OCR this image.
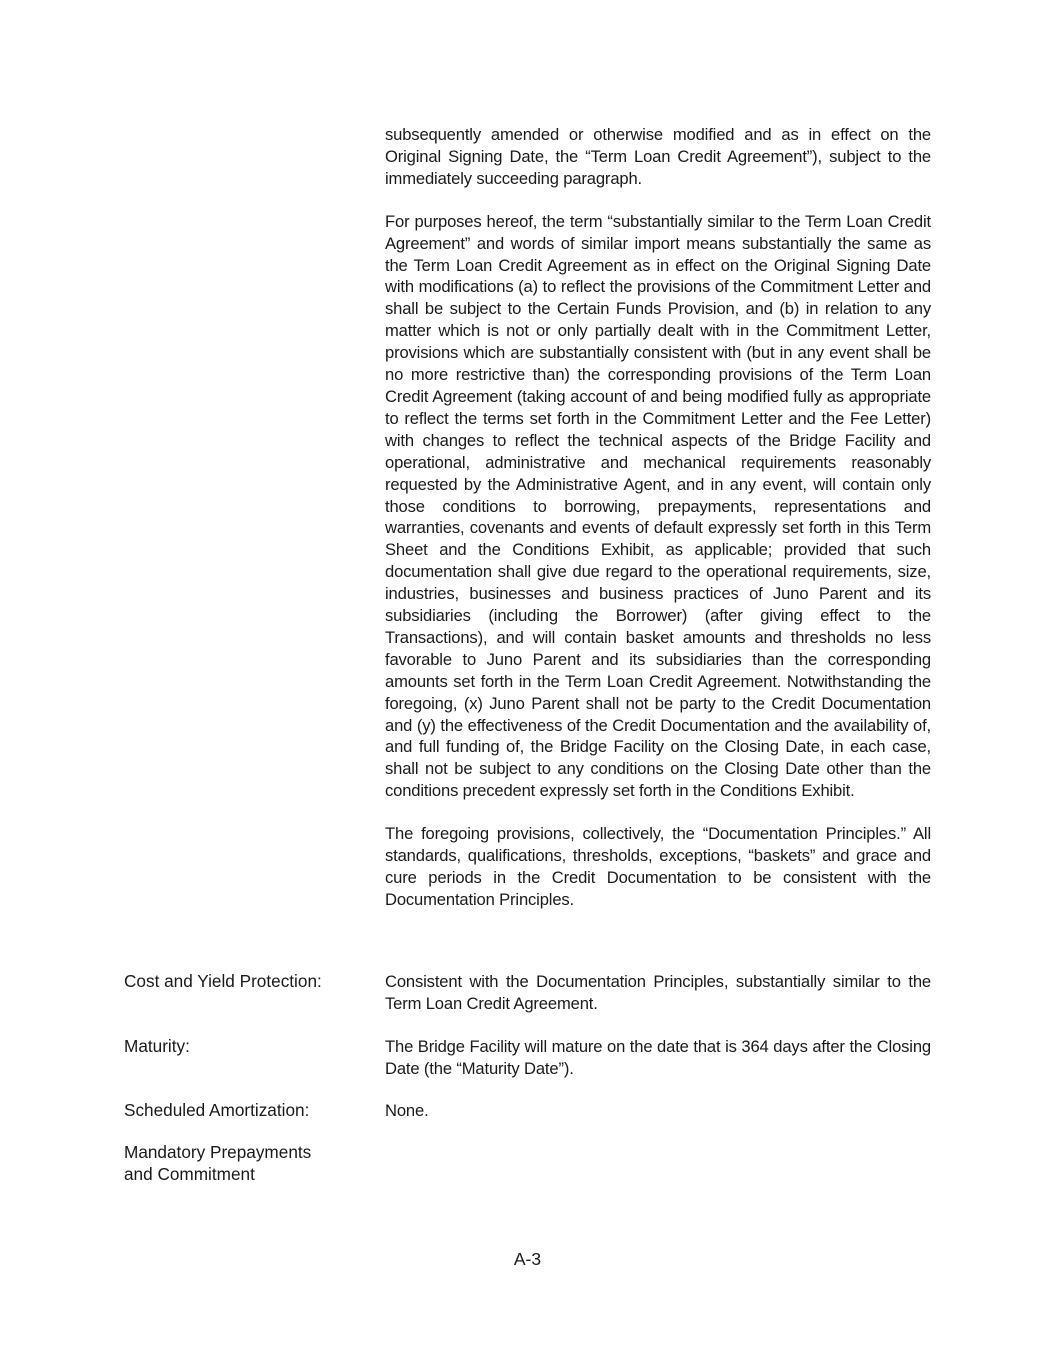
subsequently amended or otherwise modified and as in effect on the Original Signing Date, the “Term Loan Credit Agreement”), subject to the immediately succeeding paragraph.

For purposes hereof, the term “substantially similar to the Term Loan Credit Agreement” and words of similar import means substantially the same as the Term Loan Credit Agreement as in effect on the Original Signing Date with modifications (a) to reflect the provisions of the Commitment Letter and shall be subject to the Certain Funds Provision, and (b) in relation to any matter which is not or only partially dealt with in the Commitment Letter, provisions which are substantially consistent with (but in any event shall be no more restrictive than) the corresponding provisions of the Term Loan Credit Agreement (taking account of and being modified fully as appropriate to reflect the terms set forth in the Commitment Letter and the Fee Letter) with changes to reflect the technical aspects of the Bridge Facility and operational, administrative and mechanical requirements reasonably requested by the Administrative Agent, and in any event, will contain only those conditions to borrowing, prepayments, representations and warranties, covenants and events of default expressly set forth in this Term Sheet and the Conditions Exhibit, as applicable; provided that such documentation shall give due regard to the operational requirements, size, industries, businesses and business practices of Juno Parent and its subsidiaries (including the Borrower) (after giving effect to the Transactions), and will contain basket amounts and thresholds no less favorable to Juno Parent and its subsidiaries than the corresponding amounts set forth in the Term Loan Credit Agreement. Notwithstanding the foregoing, (x) Juno Parent shall not be party to the Credit Documentation and (y) the effectiveness of the Credit Documentation and the availability of, and full funding of, the Bridge Facility on the Closing Date, in each case, shall not be subject to any conditions on the Closing Date other than the conditions precedent expressly set forth in the Conditions Exhibit.

The foregoing provisions, collectively, the “Documentation Principles.” All standards, qualifications, thresholds, exceptions, “baskets” and grace and cure periods in the Credit Documentation to be consistent with the Documentation Principles.

Cost and Yield Protection:	Consistent with the Documentation Principles, substantially similar to the Term Loan Credit Agreement.
Maturity:	The Bridge Facility will mature on the date that is 364 days after the Closing Date (the “Maturity Date”).
Scheduled Amortization:	None.
Mandatory Prepayments and Commitment
A-3
